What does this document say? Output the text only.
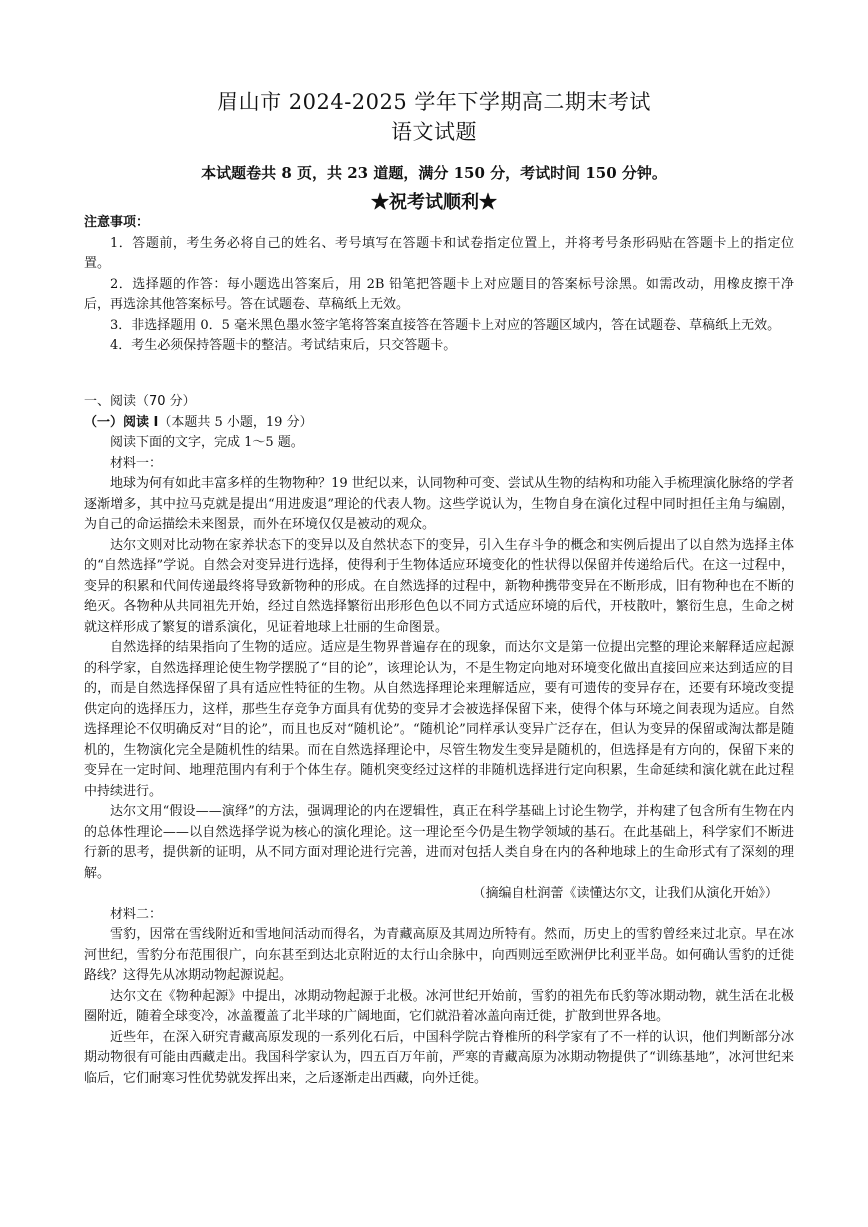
眉山市 2024-2025 学年下学期高二期末考试
语文试题
本试题卷共 8 页，共 23 道题，满分 150 分，考试时间 150 分钟。
★祝考试顺利★

注意事项：

1．答题前，考生务必将自己的姓名、考号填写在答题卡和试卷指定位置上，并将考号条形码贴在答题卡上的指定位置。

2．选择题的作答：每小题选出答案后，用 2B 铅笔把答题卡上对应题目的答案标号涂黑。如需改动，用橡皮擦干净后，再选涂其他答案标号。答在试题卷、草稿纸上无效。

3．非选择题用 0．5 毫米黑色墨水签字笔将答案直接答在答题卡上对应的答题区域内，答在试题卷、草稿纸上无效。

4．考生必须保持答题卡的整洁。考试结束后，只交答题卡。

一、阅读（70 分）

（一）阅读 I（本题共 5 小题，19 分）

阅读下面的文字，完成 1～5 题。

材料一：

地球为何有如此丰富多样的生物物种？19 世纪以来，认同物种可变、尝试从生物的结构和功能入手梳理演化脉络的学者逐渐增多，其中拉马克就是提出“用进废退”理论的代表人物。这些学说认为，生物自身在演化过程中同时担任主角与编剧，为自己的命运描绘未来图景，而外在环境仅仅是被动的观众。

达尔文则对比动物在家养状态下的变异以及自然状态下的变异，引入生存斗争的概念和实例后提出了以自然为选择主体的“自然选择”学说。自然会对变异进行选择，使得利于生物体适应环境变化的性状得以保留并传递给后代。在这一过程中，变异的积累和代间传递最终将导致新物种的形成。在自然选择的过程中，新物种携带变异在不断形成，旧有物种也在不断的绝灭。各物种从共同祖先开始，经过自然选择繁衍出形形色色以不同方式适应环境的后代，开枝散叶，繁衍生息，生命之树就这样形成了繁复的谱系演化，见证着地球上壮丽的生命图景。

自然选择的结果指向了生物的适应。适应是生物界普遍存在的现象，而达尔文是第一位提出完整的理论来解释适应起源的科学家，自然选择理论使生物学摆脱了“目的论”，该理论认为，不是生物定向地对环境变化做出直接回应来达到适应的目的，而是自然选择保留了具有适应性特征的生物。从自然选择理论来理解适应，要有可遗传的变异存在，还要有环境改变提供定向的选择压力，这样，那些生存竞争方面具有优势的变异才会被选择保留下来，使得个体与环境之间表现为适应。自然选择理论不仅明确反对“目的论”，而且也反对“随机论”。“随机论”同样承认变异广泛存在，但认为变异的保留或淘汰都是随机的，生物演化完全是随机性的结果。而在自然选择理论中，尽管生物发生变异是随机的，但选择是有方向的，保留下来的变异在一定时间、地理范围内有利于个体生存。随机突变经过这样的非随机选择进行定向积累，生命延续和演化就在此过程中持续进行。

达尔文用“假设——演绎”的方法，强调理论的内在逻辑性，真正在科学基础上讨论生物学，并构建了包含所有生物在内的总体性理论——以自然选择学说为核心的演化理论。这一理论至今仍是生物学领域的基石。在此基础上，科学家们不断进行新的思考，提供新的证明，从不同方面对理论进行完善，进而对包括人类自身在内的各种地球上的生命形式有了深刻的理解。

（摘编自杜润蕾《读懂达尔文，让我们从演化开始》）

材料二：

雪豹，因常在雪线附近和雪地间活动而得名，为青藏高原及其周边所特有。然而，历史上的雪豹曾经来过北京。早在冰河世纪，雪豹分布范围很广，向东甚至到达北京附近的太行山余脉中，向西则远至欧洲伊比利亚半岛。如何确认雪豹的迁徙路线？这得先从冰期动物起源说起。

达尔文在《物种起源》中提出，冰期动物起源于北极。冰河世纪开始前，雪豹的祖先布氏豹等冰期动物，就生活在北极圈附近，随着全球变冷，冰盖覆盖了北半球的广阔地面，它们就沿着冰盖向南迁徙，扩散到世界各地。

近些年，在深入研究青藏高原发现的一系列化石后，中国科学院古脊椎所的科学家有了不一样的认识，他们判断部分冰期动物很有可能由西藏走出。我国科学家认为，四五百万年前，严寒的青藏高原为冰期动物提供了“训练基地”，冰河世纪来临后，它们耐寒习性优势就发挥出来，之后逐渐走出西藏，向外迁徙。
